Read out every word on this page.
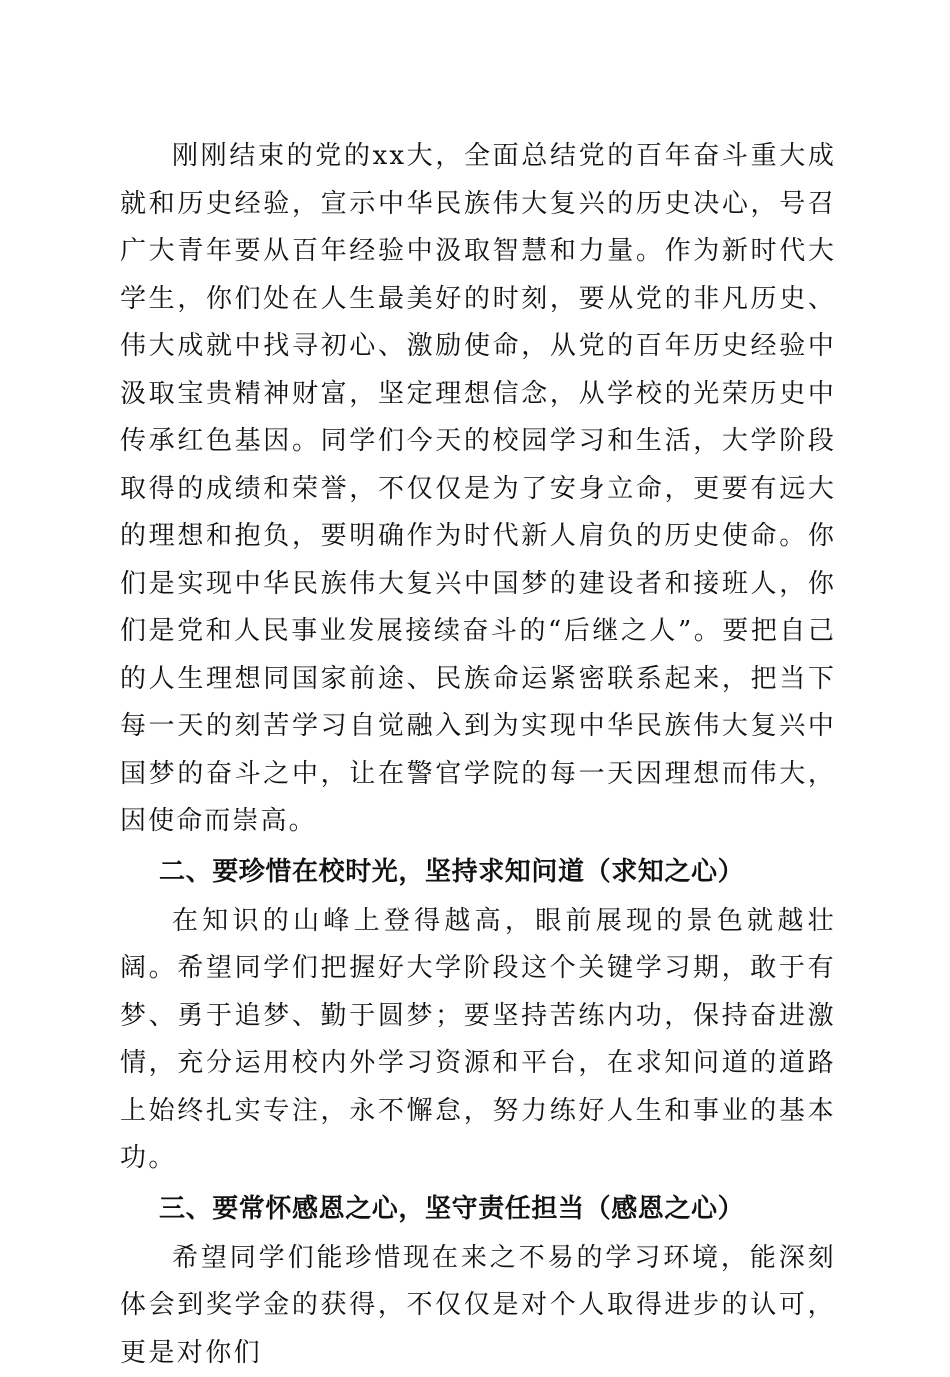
刚刚结束的党的xx大，全面总结党的百年奋斗重大成就和历史经验，宣示中华民族伟大复兴的历史决心，号召广大青年要从百年经验中汲取智慧和力量。作为新时代大学生，你们处在人生最美好的时刻，要从党的非凡历史、伟大成就中找寻初心、激励使命，从党的百年历史经验中汲取宝贵精神财富，坚定理想信念，从学校的光荣历史中传承红色基因。同学们今天的校园学习和生活，大学阶段取得的成绩和荣誉，不仅仅是为了安身立命，更要有远大的理想和抱负，要明确作为时代新人肩负的历史使命。你们是实现中华民族伟大复兴中国梦的建设者和接班人，你们是党和人民事业发展接续奋斗的“后继之人”。要把自己的人生理想同国家前途、民族命运紧密联系起来，把当下每一天的刻苦学习自觉融入到为实现中华民族伟大复兴中国梦的奋斗之中，让在警官学院的每一天因理想而伟大，因使命而崇高。

二、要珍惜在校时光，坚持求知问道（求知之心）

在知识的山峰上登得越高，眼前展现的景色就越壮阔。希望同学们把握好大学阶段这个关键学习期，敢于有梦、勇于追梦、勤于圆梦；要坚持苦练内功，保持奋进激情，充分运用校内外学习资源和平台，在求知问道的道路上始终扎实专注，永不懈怠，努力练好人生和事业的基本功。

三、要常怀感恩之心，坚守责任担当（感恩之心）

希望同学们能珍惜现在来之不易的学习环境，能深刻体会到奖学金的获得，不仅仅是对个人取得进步的认可，更是对你们
